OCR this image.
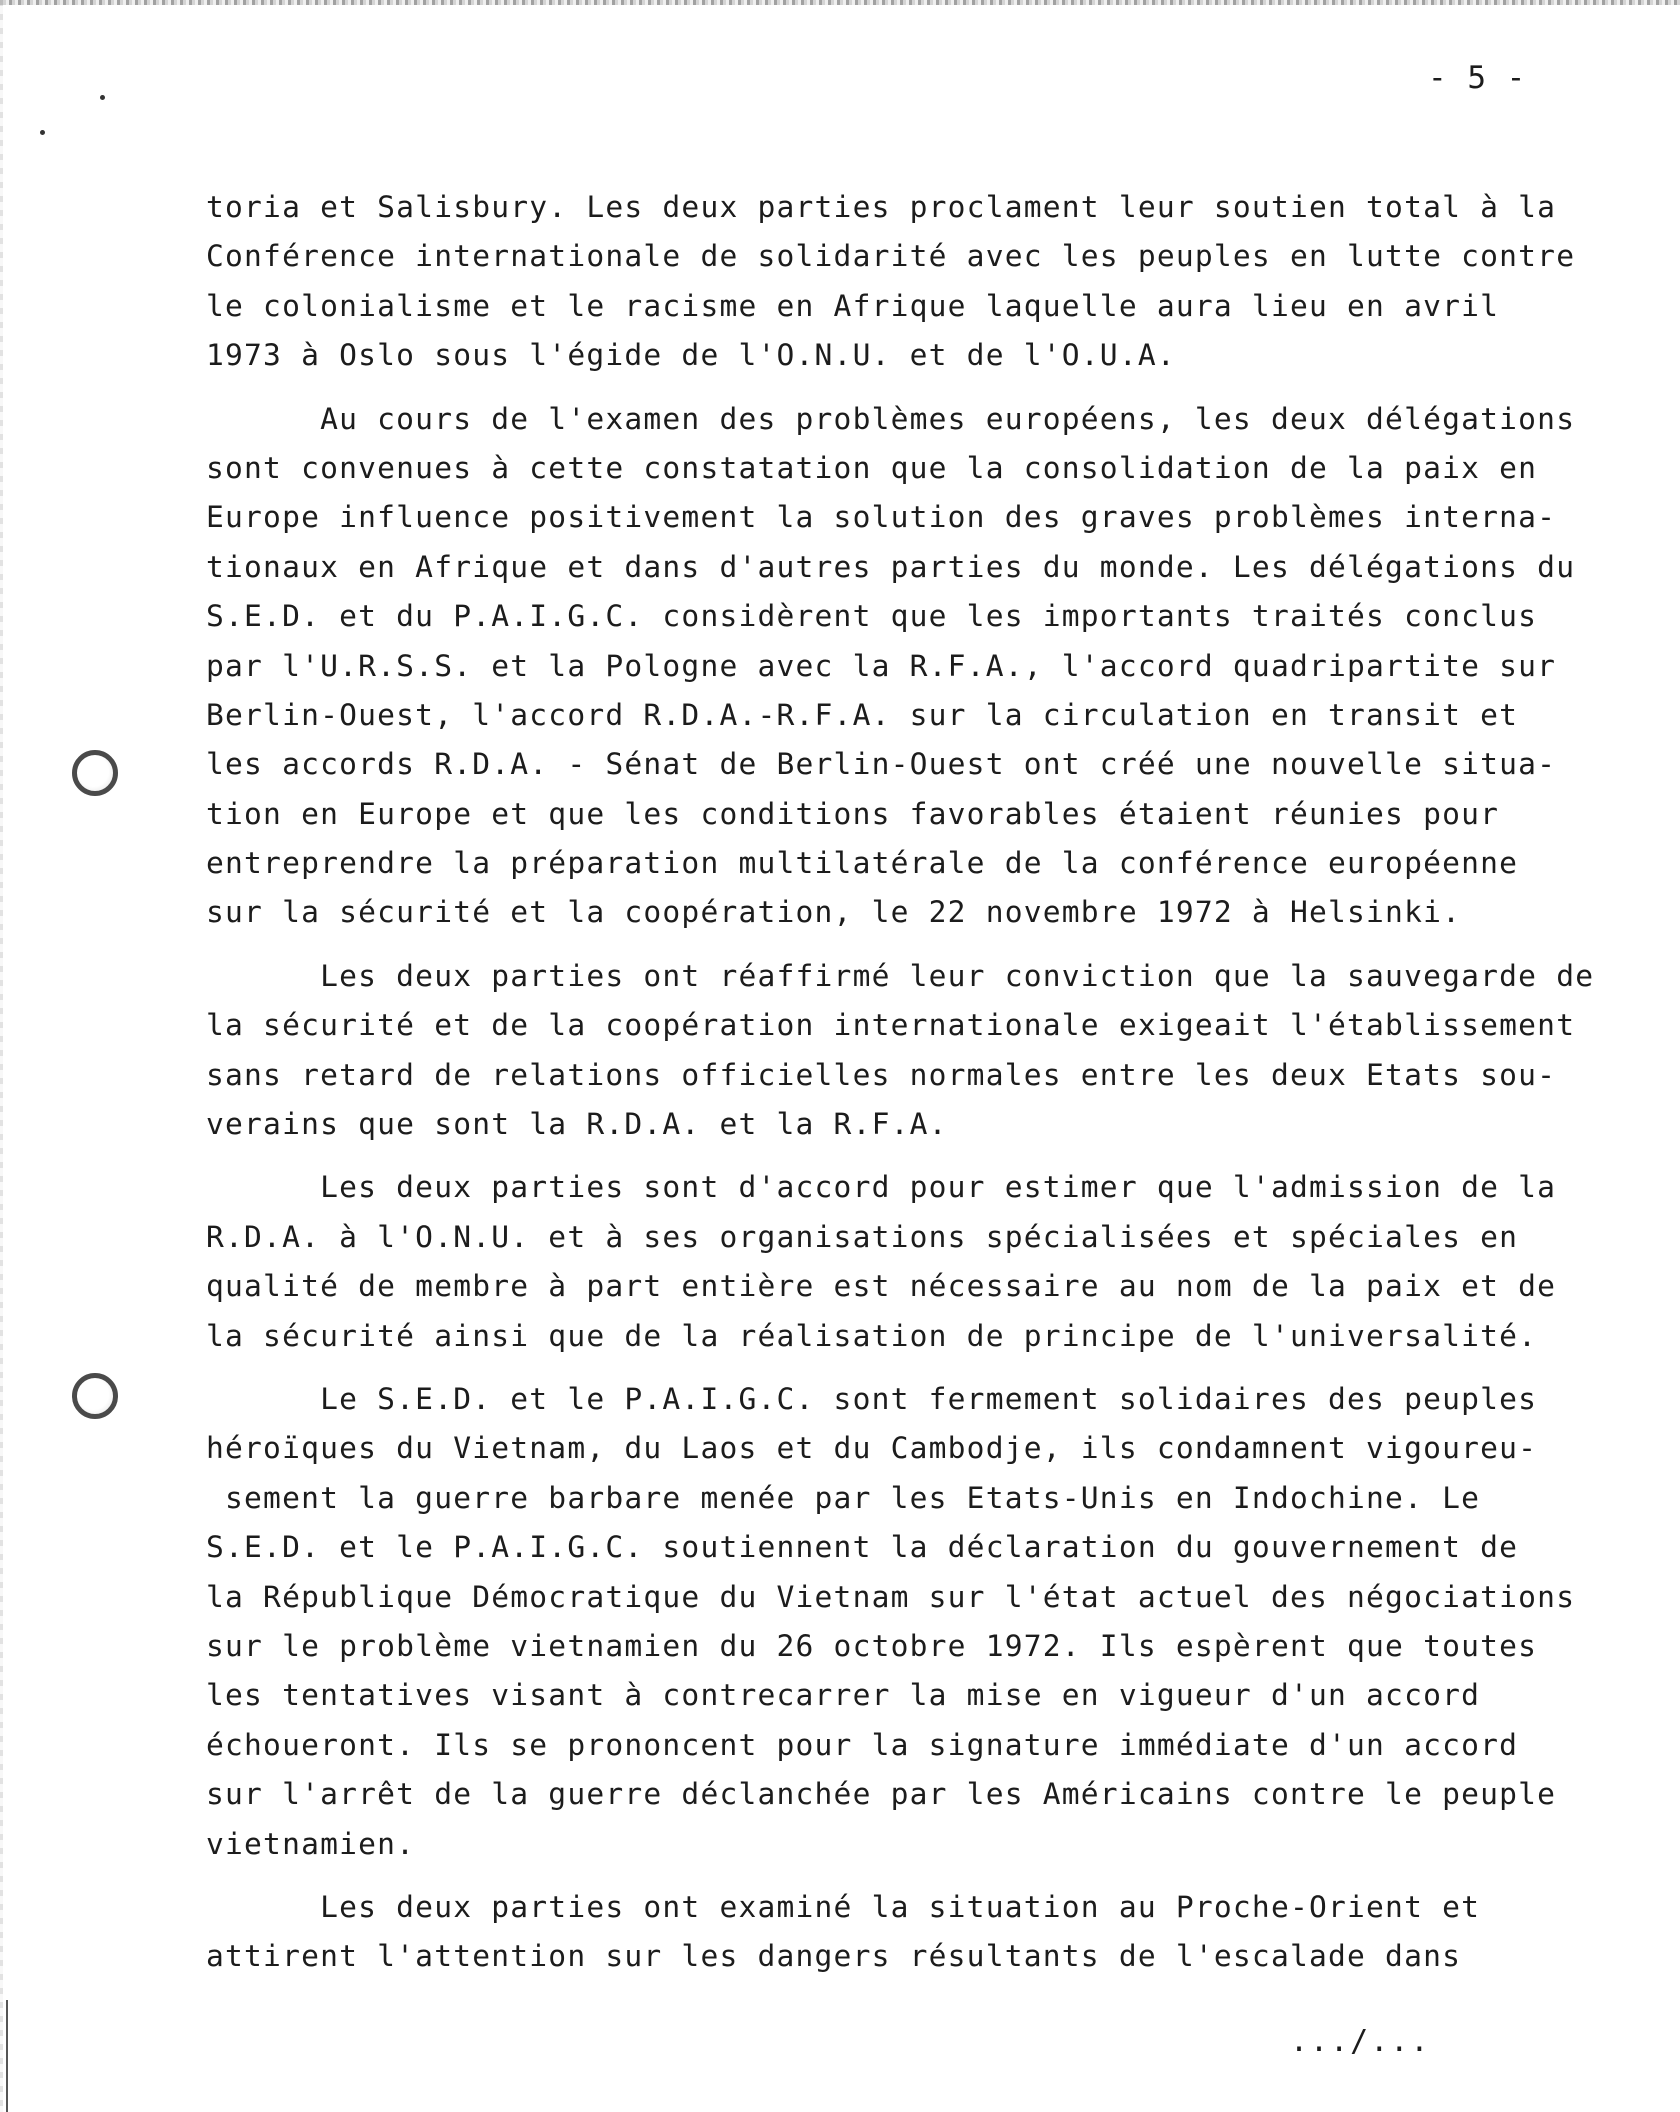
- 5 -
toria et Salisbury. Les deux parties proclament leur soutien total à la
Conférence internationale de solidarité avec les peuples en lutte contre
le colonialisme et le racisme en Afrique laquelle aura lieu en avril
1973 à Oslo sous l'égide de l'O.N.U. et de l'O.U.A.
Au cours de l'examen des problèmes européens, les deux délégations
sont convenues à cette constatation que la consolidation de la paix en
Europe influence positivement la solution des graves problèmes interna-
tionaux en Afrique et dans d'autres parties du monde. Les délégations du
S.E.D. et du P.A.I.G.C. considèrent que les importants traités conclus
par l'U.R.S.S. et la Pologne avec la R.F.A., l'accord quadripartite sur
Berlin-Ouest, l'accord R.D.A.-R.F.A. sur la circulation en transit et
les accords R.D.A. - Sénat de Berlin-Ouest ont créé une nouvelle situa-
tion en Europe et que les conditions favorables étaient réunies pour
entreprendre la préparation multilatérale de la conférence européenne
sur la sécurité et la coopération, le 22 novembre 1972 à Helsinki.
Les deux parties ont réaffirmé leur conviction que la sauvegarde de
la sécurité et de la coopération internationale exigeait l'établissement
sans retard de relations officielles normales entre les deux Etats sou-
verains que sont la R.D.A. et la R.F.A.
Les deux parties sont d'accord pour estimer que l'admission de la
R.D.A. à l'O.N.U. et à ses organisations spécialisées et spéciales en
qualité de membre à part entière est nécessaire au nom de la paix et de
la sécurité ainsi que de la réalisation de principe de l'universalité.
Le S.E.D. et le P.A.I.G.C. sont fermement solidaires des peuples
héroïques du Vietnam, du Laos et du Cambodje, ils condamnent vigoureu-
sement la guerre barbare menée par les Etats-Unis en Indochine. Le
S.E.D. et le P.A.I.G.C. soutiennent la déclaration du gouvernement de
la République Démocratique du Vietnam sur l'état actuel des négociations
sur le problème vietnamien du 26 octobre 1972. Ils espèrent que toutes
les tentatives visant à contrecarrer la mise en vigueur d'un accord
échoueront. Ils se prononcent pour la signature immédiate d'un accord
sur l'arrêt de la guerre déclanchée par les Américains contre le peuple
vietnamien.
Les deux parties ont examiné la situation au Proche-Orient et
attirent l'attention sur les dangers résultants de l'escalade dans
.../...
